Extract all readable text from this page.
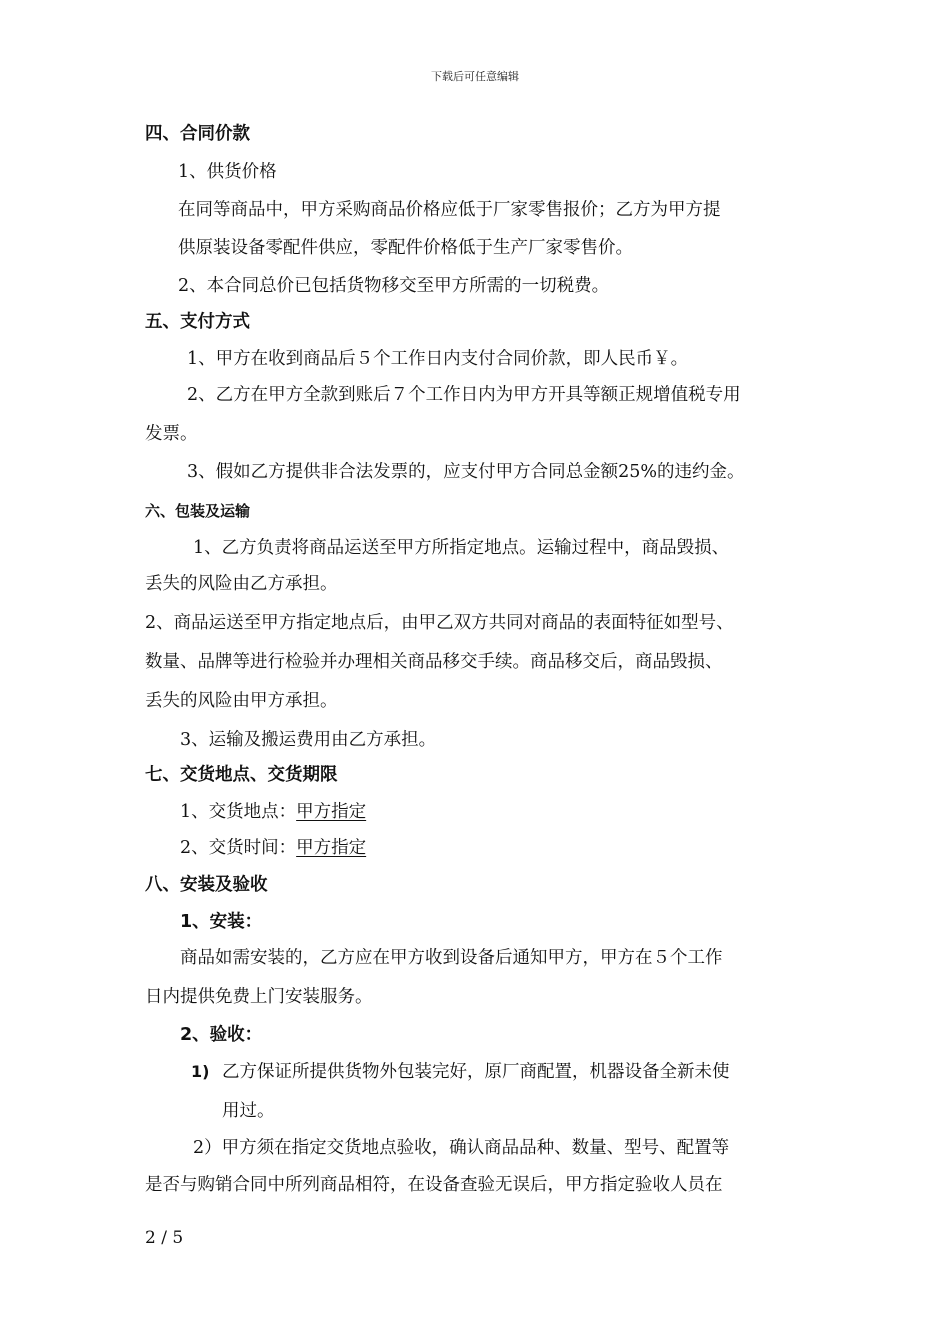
下载后可任意编辑
四、合同价款
1、供货价格
在同等商品中，甲方采购商品价格应低于厂家零售报价；乙方为甲方提
供原装设备零配件供应，零配件价格低于生产厂家零售价。
2、本合同总价已包括货物移交至甲方所需的一切税费。
五、支付方式
1、甲方在收到商品后５个工作日内支付合同价款，即人民币￥。
2、乙方在甲方全款到账后７个工作日内为甲方开具等额正规增值税专用
发票。
3、假如乙方提供非合法发票的，应支付甲方合同总金额25%的违约金。
六、包装及运输
1、乙方负责将商品运送至甲方所指定地点。运输过程中，商品毁损、
丢失的风险由乙方承担。
2、商品运送至甲方指定地点后，由甲乙双方共同对商品的表面特征如型号、
数量、品牌等进行检验并办理相关商品移交手续。商品移交后，商品毁损、
丢失的风险由甲方承担。
3、运输及搬运费用由乙方承担。
七、交货地点、交货期限
1、交货地点：甲方指定
2、交货时间：甲方指定
八、安装及验收
1、安装：
商品如需安装的，乙方应在甲方收到设备后通知甲方，甲方在５个工作
日内提供免费上门安装服务。
2、验收：
1) 乙方保证所提供货物外包装完好，原厂商配置，机器设备全新未使
用过。
2）甲方须在指定交货地点验收，确认商品品种、数量、型号、配置等
是否与购销合同中所列商品相符，在设备查验无误后，甲方指定验收人员在
2 / 5
